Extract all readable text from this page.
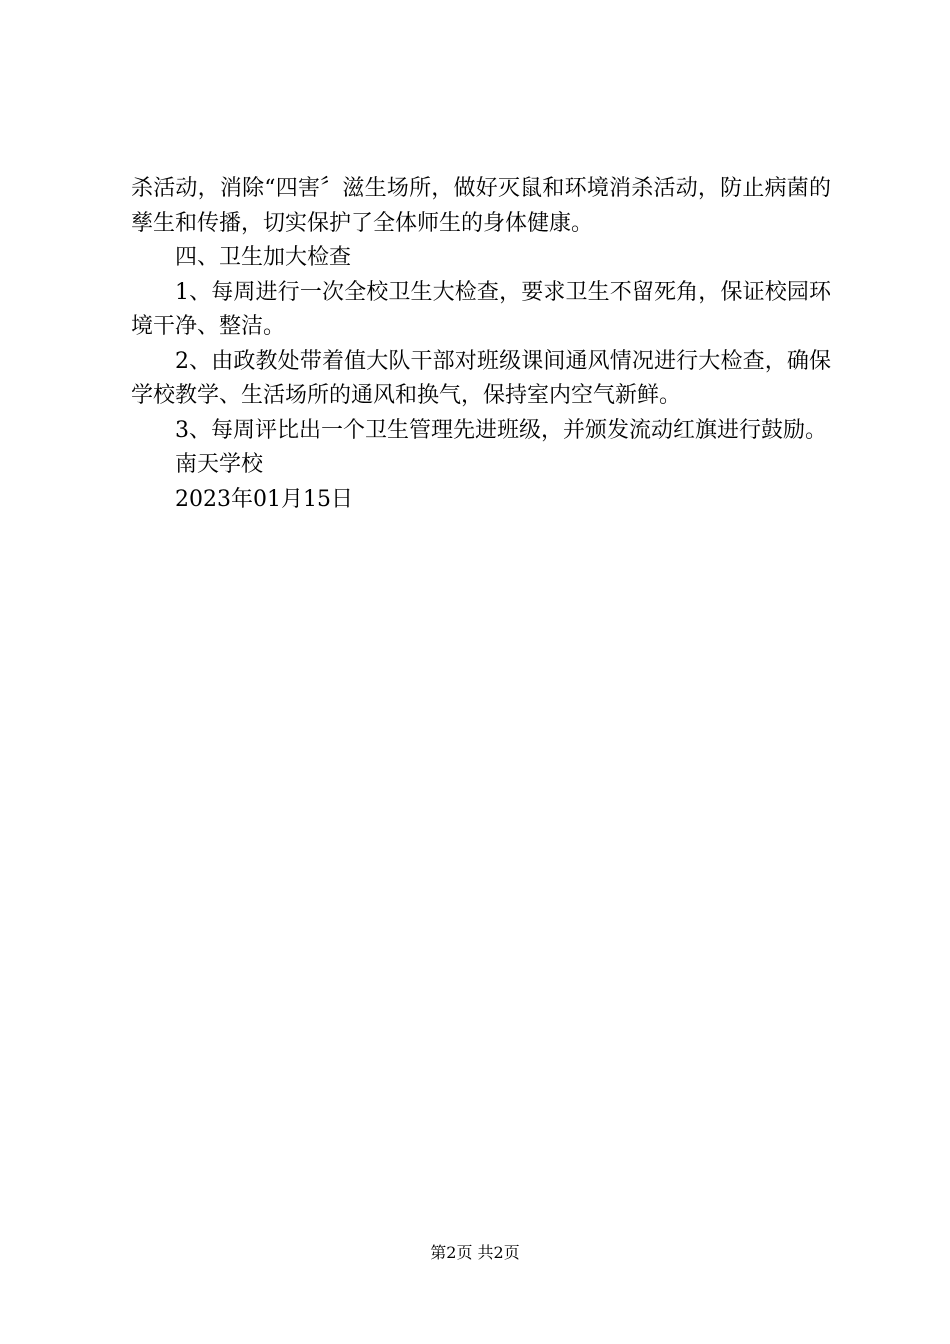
杀活动，消除“四害〞滋生场所，做好灭鼠和环境消杀活动，防止病菌的孳生和传播，切实保护了全体师生的身体健康。

四、卫生加大检查

1、每周进行一次全校卫生大检查，要求卫生不留死角，保证校园环境干净、整洁。

2、由政教处带着值大队干部对班级课间通风情况进行大检查，确保学校教学、生活场所的通风和换气，保持室内空气新鲜。

3、每周评比出一个卫生管理先进班级，并颁发流动红旗进行鼓励。

南天学校

2023年01月15日

第2页 共2页
